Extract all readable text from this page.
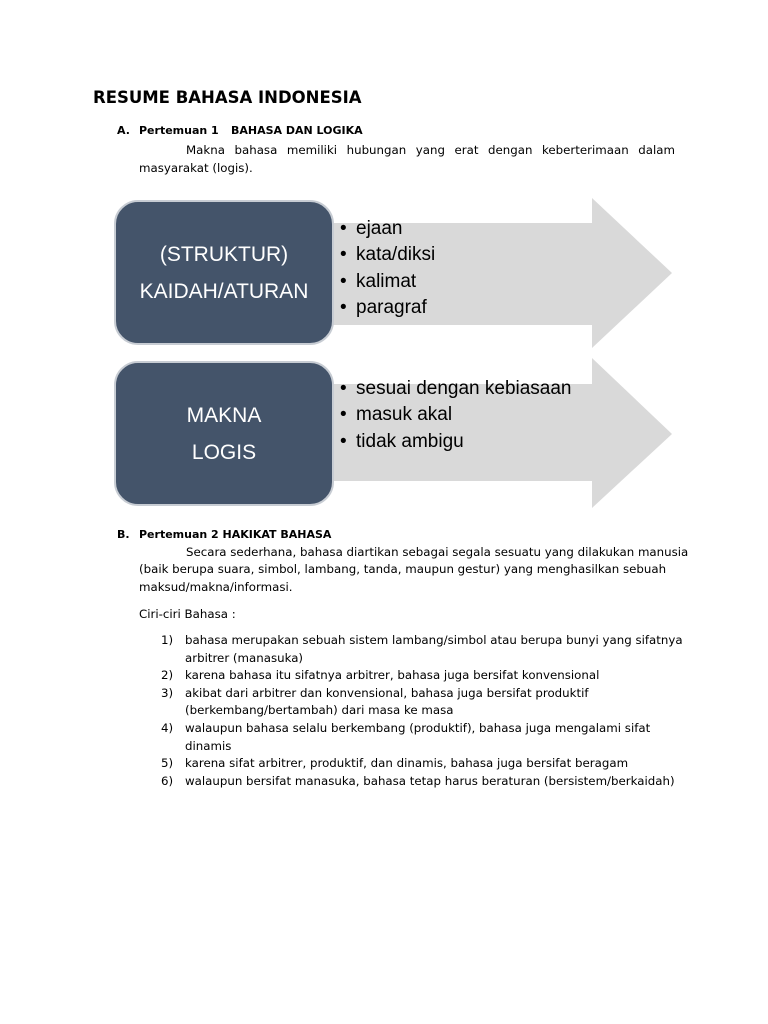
RESUME BAHASA INDONESIA
A. Pertemuan 1 BAHASA DAN LOGIKA
Makna bahasa memiliki hubungan yang erat dengan keberterimaan dalam
masyarakat (logis).
(STRUKTUR)
KAIDAH/ATURAN
• ejaan
• kata/diksi
• kalimat
• paragraf
MAKNA
LOGIS
• sesuai dengan kebiasaan
• masuk akal
• tidak ambigu
B. Pertemuan 2 HAKIKAT BAHASA
Secara sederhana, bahasa diartikan sebagai segala sesuatu yang dilakukan manusia
(baik berupa suara, simbol, lambang, tanda, maupun gestur) yang menghasilkan sebuah
maksud/makna/informasi.
Ciri-ciri Bahasa :
1)	bahasa merupakan sebuah sistem lambang/simbol atau berupa bunyi yang sifatnya
arbitrer (manasuka)
2)	karena bahasa itu sifatnya arbitrer, bahasa juga bersifat konvensional
3)	akibat dari arbitrer dan konvensional, bahasa juga bersifat produktif
(berkembang/bertambah) dari masa ke masa
4)	walaupun bahasa selalu berkembang (produktif), bahasa juga mengalami sifat
dinamis
5)	karena sifat arbitrer, produktif, dan dinamis, bahasa juga bersifat beragam
6)	walaupun bersifat manasuka, bahasa tetap harus beraturan (bersistem/berkaidah)
